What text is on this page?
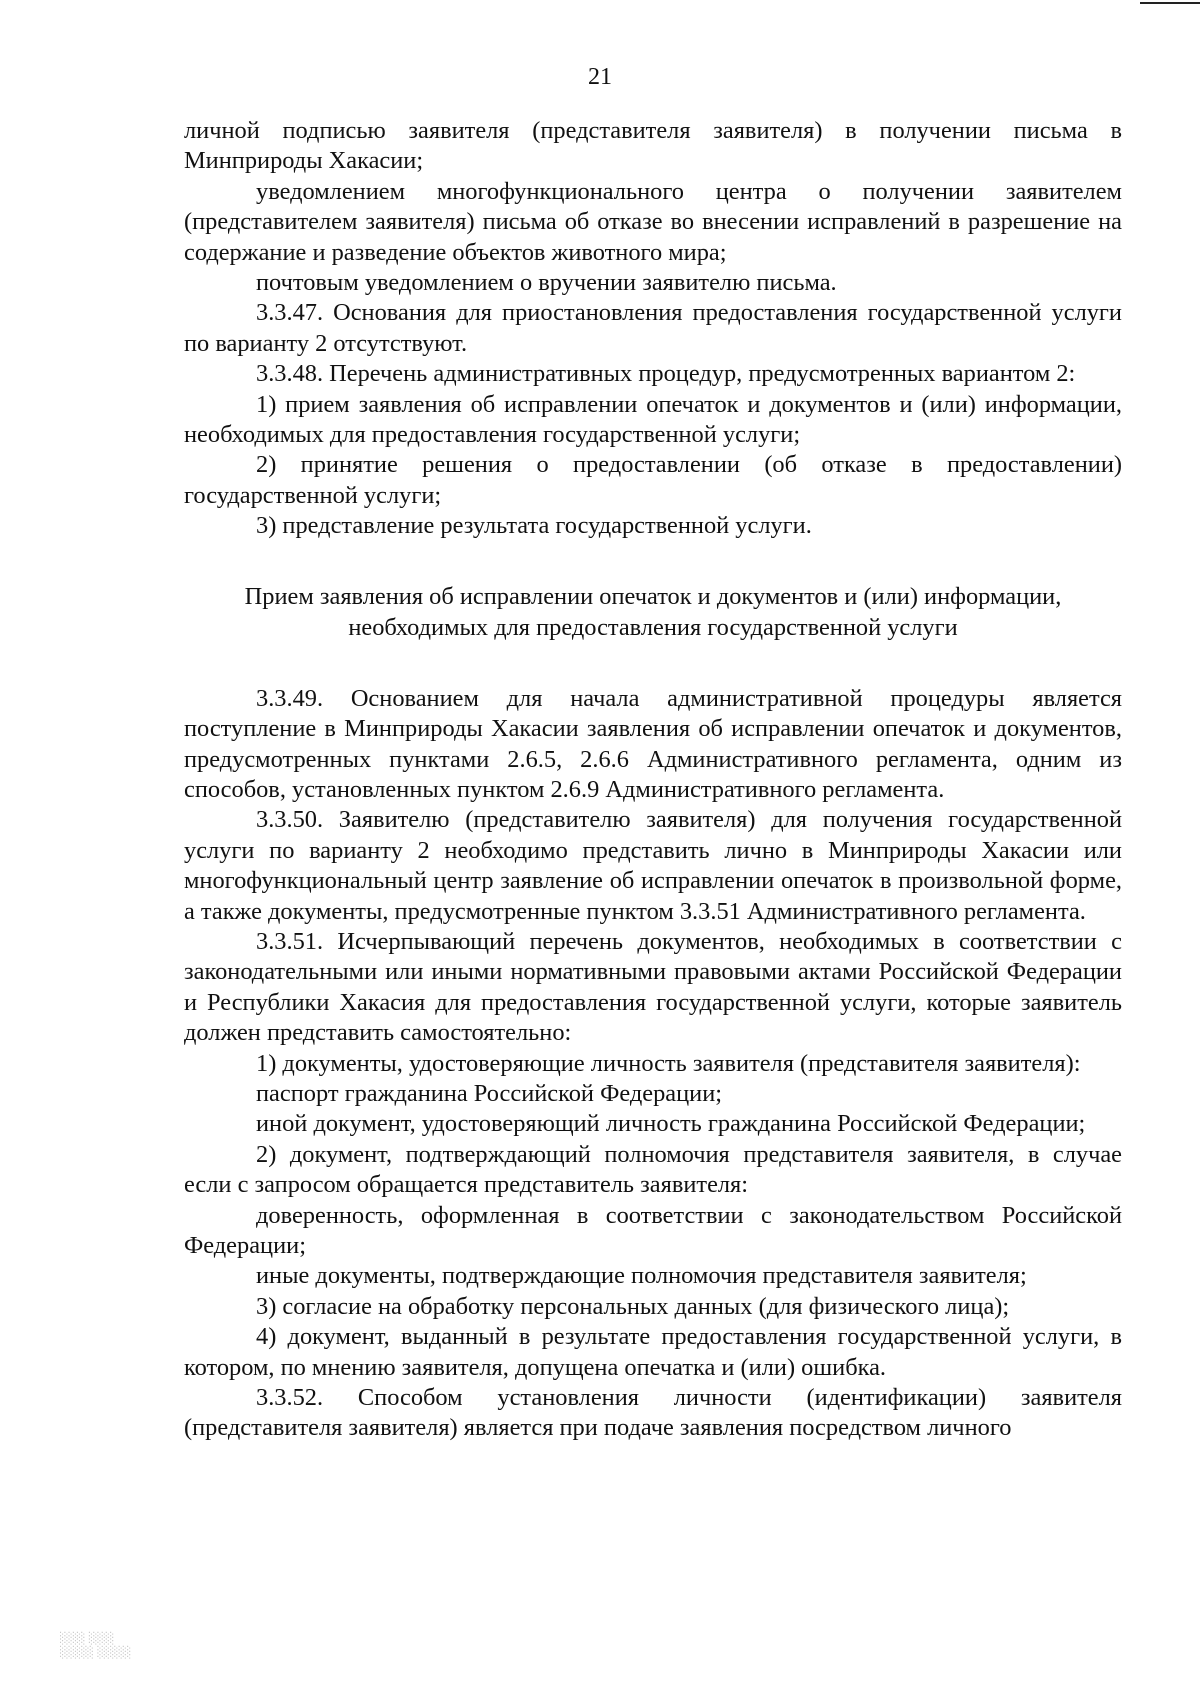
21

личной подписью заявителя (представителя заявителя) в получении письма в Минприроды Хакасии;

уведомлением многофункционального центра о получении заявителем (представителем заявителя) письма об отказе во внесении исправлений в разрешение на содержание и разведение объектов животного мира;

почтовым уведомлением о вручении заявителю письма.

3.3.47. Основания для приостановления предоставления государственной услуги по варианту 2 отсутствуют.

3.3.48. Перечень административных процедур, предусмотренных вариантом 2:

1) прием заявления об исправлении опечаток и документов и (или) информации, необходимых для предоставления государственной услуги;

2) принятие решения о предоставлении (об отказе в предоставлении) государственной услуги;

3) представление результата государственной услуги.

Прием заявления об исправлении опечаток и документов и (или) информации,
необходимых для предоставления государственной услуги

3.3.49. Основанием для начала административной процедуры является поступление в Минприроды Хакасии заявления об исправлении опечаток и документов, предусмотренных пунктами 2.6.5, 2.6.6 Административного регламента, одним из способов, установленных пунктом 2.6.9 Административного регламента.

3.3.50. Заявителю (представителю заявителя) для получения государственной услуги по варианту 2 необходимо представить лично в Минприроды Хакасии или многофункциональный центр заявление об исправлении опечаток в произвольной форме, а также документы, предусмотренные пунктом 3.3.51 Административного регламента.

3.3.51. Исчерпывающий перечень документов, необходимых в соответствии с законодательными или иными нормативными правовыми актами Российской Федерации и Республики Хакасия для предоставления государственной услуги, которые заявитель должен представить самостоятельно:

1) документы, удостоверяющие личность заявителя (представителя заявителя):

паспорт гражданина Российской Федерации;

иной документ, удостоверяющий личность гражданина Российской Федерации;

2) документ, подтверждающий полномочия представителя заявителя, в случае если с запросом обращается представитель заявителя:

доверенность, оформленная в соответствии с законодательством Российской Федерации;

иные документы, подтверждающие полномочия представителя заявителя;

3) согласие на обработку персональных данных (для физического лица);

4) документ, выданный в результате предоставления государственной услуги, в котором, по мнению заявителя, допущена опечатка и (или) ошибка.

3.3.52. Способом установления личности (идентификации) заявителя (представителя заявителя) является при подаче заявления посредством личного

░░░ ░░░
░░░░ ░░░░
